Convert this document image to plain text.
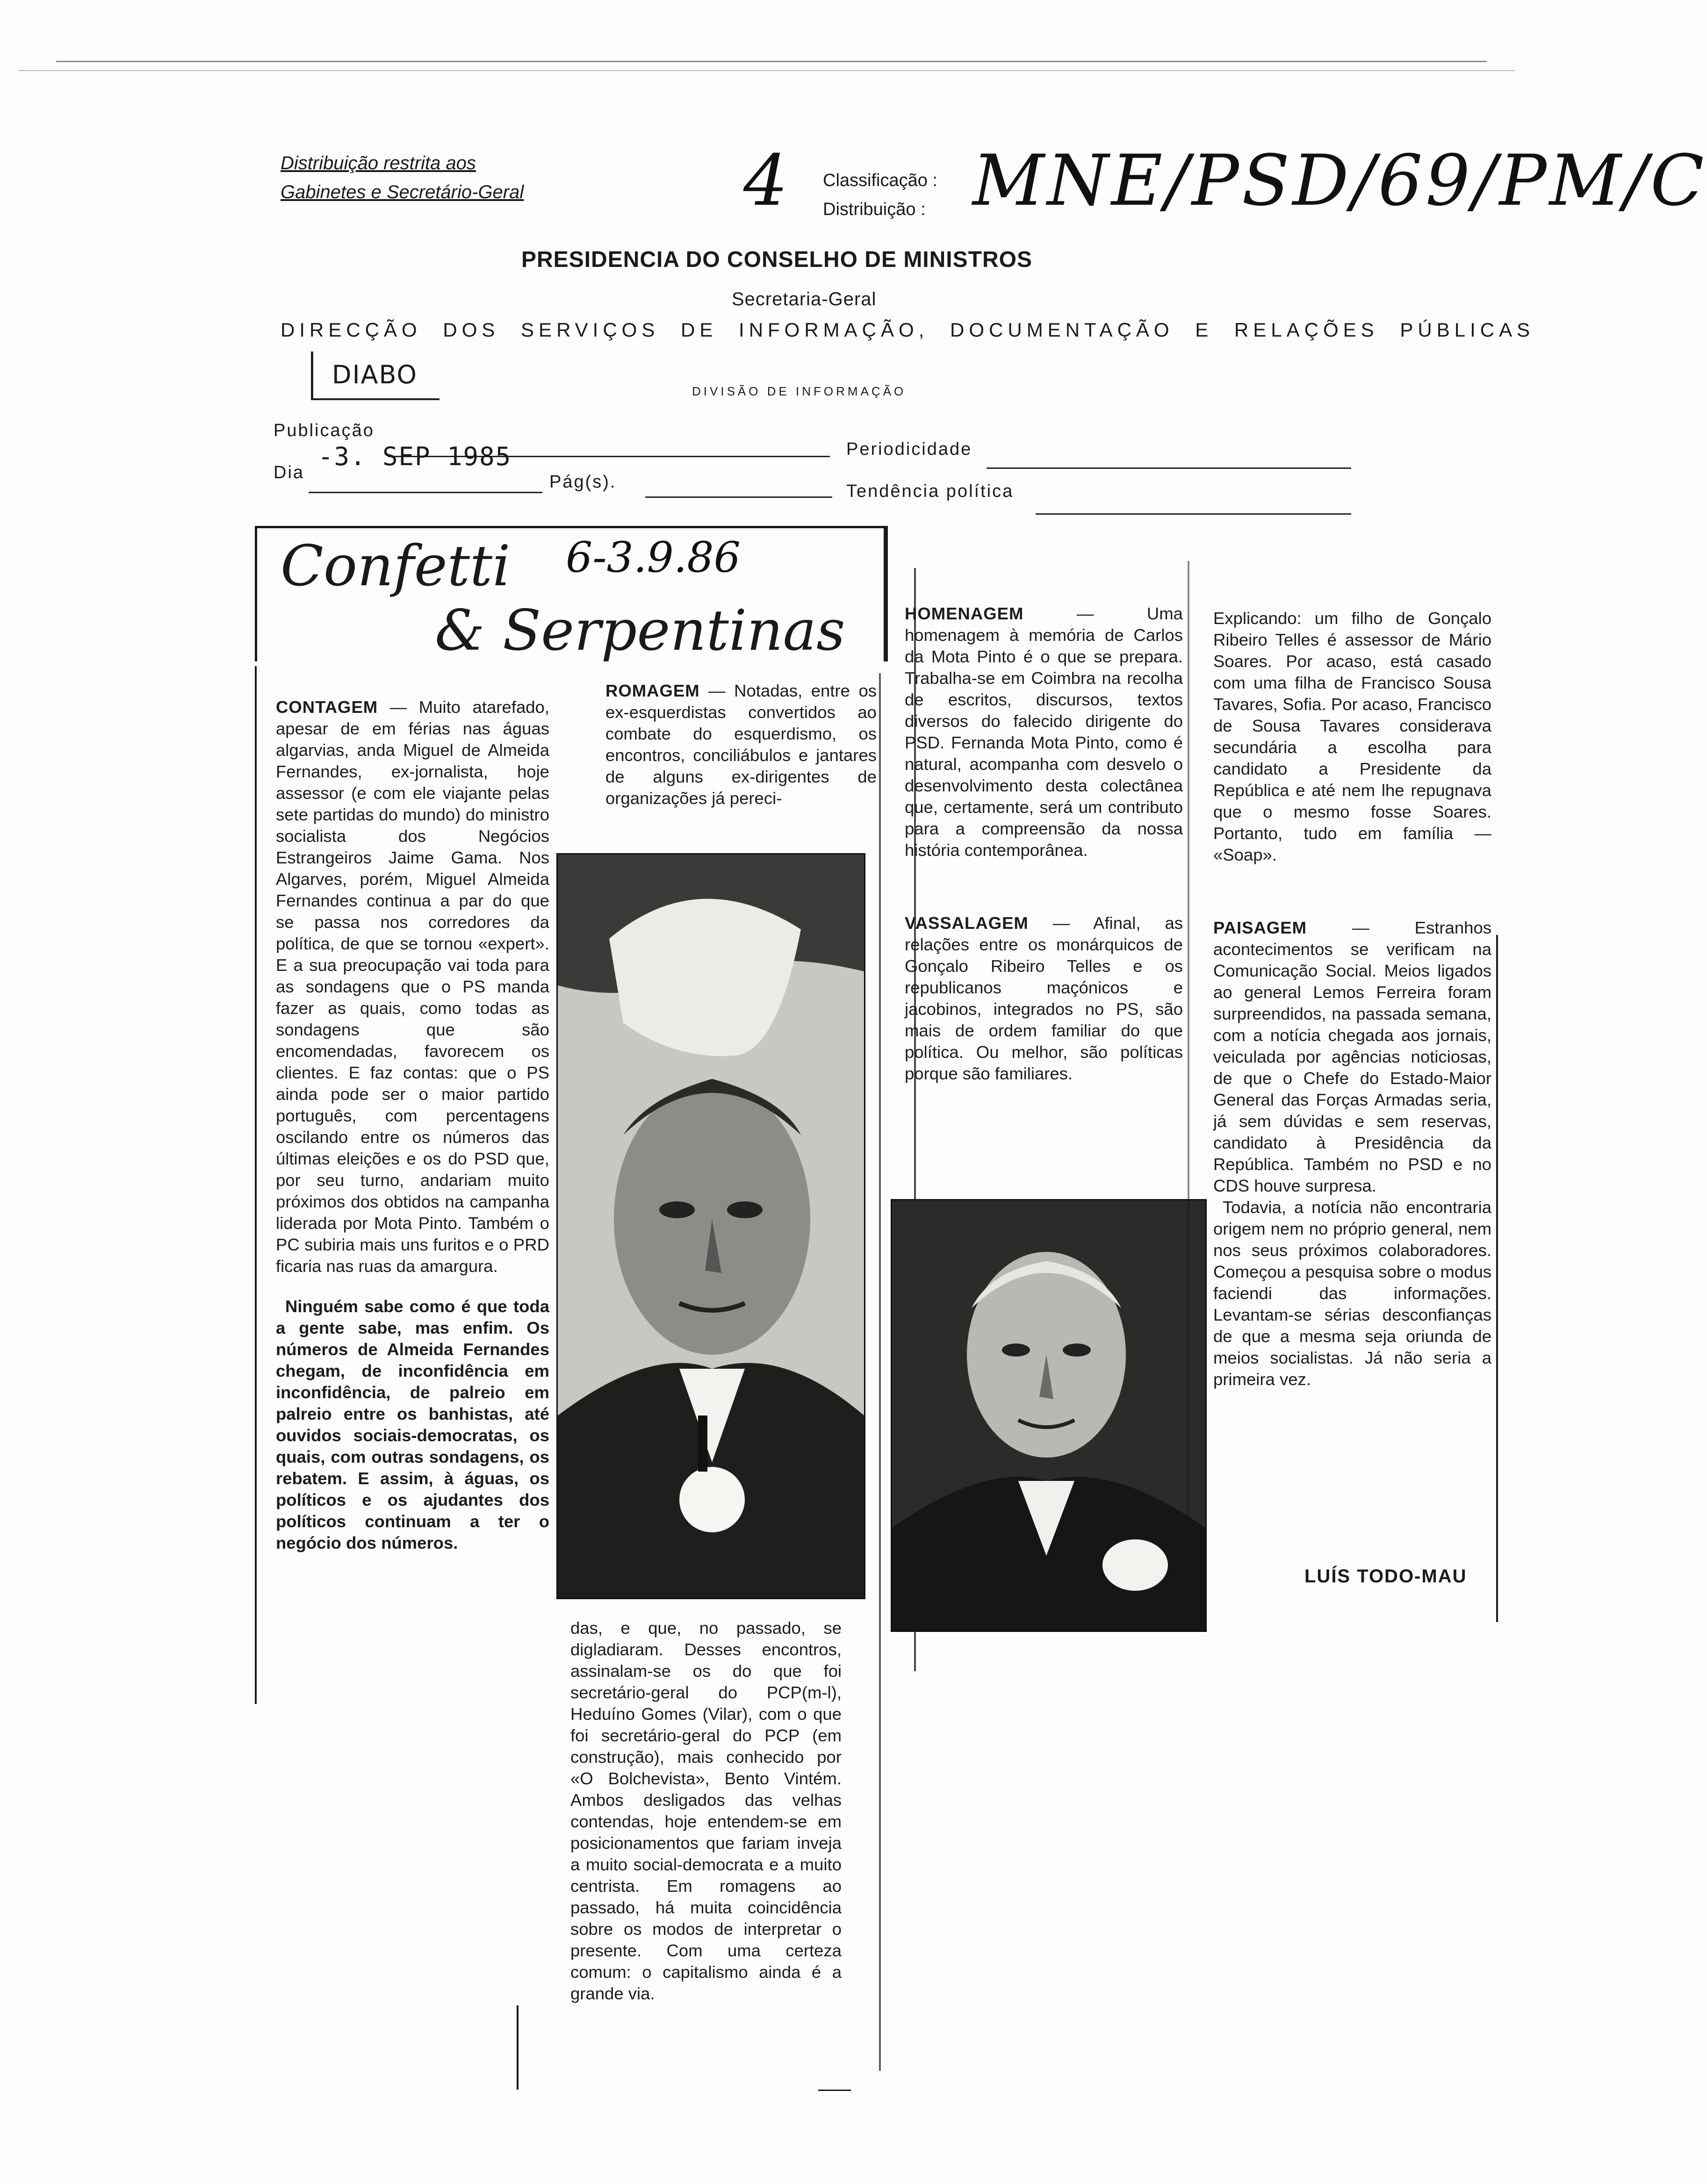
Distribuição restrita aos
Gabinetes e Secretário-Geral	4 Classificação :
Distribuição : MNE/PSD/69/PM/C
PRESIDENCIA DO CONSELHO DE MINISTROS
Secretaria-Geral
DIRECÇÃO DOS SERVIÇOS DE INFORMAÇÃO, DOCUMENTAÇÃO E RELAÇÕES PÚBLICAS
DIABO
DIVISÃO DE INFORMAÇÃO
Publicação
Periodicidade
Dia
-3. SEP 1985
Pág(s).	Tendência política
Confetti
& Serpentinas
6-3.9.86

CONTAGEM — Muito atarefado, apesar de em férias nas águas algarvias, anda Miguel de Almeida Fernandes, ex-jornalista, hoje assessor (e com ele viajante pelas sete partidas do mundo) do ministro socialista dos Negócios Estrangeiros Jaime Gama. Nos Algarves, porém, Miguel Almeida Fernandes continua a par do que se passa nos corredores da política, de que se tornou «expert». E a sua preocupação vai toda para as sondagens que o PS manda fazer as quais, como todas as sondagens que são encomendadas, favorecem os clientes. E faz contas: que o PS ainda pode ser o maior partido português, com percentagens oscilando entre os números das últimas eleições e os do PSD que, por seu turno, andariam muito próximos dos obtidos na campanha liderada por Mota Pinto. Também o PC subiria mais uns furitos e o PRD ficaria nas ruas da amargura.

Ninguém sabe como é que toda a gente sabe, mas enfim. Os números de Almeida Fernandes chegam, de inconfidência em inconfidência, de palreio em palreio entre os banhistas, até ouvidos sociais-democratas, os quais, com outras sondagens, os rebatem. E assim, à águas, os políticos e os ajudantes dos políticos continuam a ter o negócio dos números.

ROMAGEM — Notadas, entre os ex-esquerdistas convertidos ao combate do esquerdismo, os encontros, conciliábulos e jantares de alguns ex-dirigentes de organizações já pereci-

das, e que, no passado, se digladiaram. Desses encontros, assinalam-se os do que foi secretário-geral do PCP(m-l), Heduíno Gomes (Vilar), com o que foi secretário-geral do PCP (em construção), mais conhecido por «O Bolchevista», Bento Vintém. Ambos desligados das velhas contendas, hoje entendem-se em posicionamentos que fariam inveja a muito social-democrata e a muito centrista. Em romagens ao passado, há muita coincidência sobre os modos de interpretar o presente. Com uma certeza comum: o capitalismo ainda é a grande via.

HOMENAGEM — Uma homenagem à memória de Carlos da Mota Pinto é o que se prepara. Trabalha-se em Coimbra na recolha de escritos, discursos, textos diversos do falecido dirigente do PSD. Fernanda Mota Pinto, como é natural, acompanha com desvelo o desenvolvimento desta colectânea que, certamente, será um contributo para a compreensão da nossa história contemporânea.

VASSALAGEM — Afinal, as relações entre os monárquicos de Gonçalo Ribeiro Telles e os republicanos maçónicos e jacobinos, integrados no PS, são mais de ordem familiar do que política. Ou melhor, são políticas porque são familiares.

Explicando: um filho de Gonçalo Ribeiro Telles é assessor de Mário Soares. Por acaso, está casado com uma filha de Francisco Sousa Tavares, Sofia. Por acaso, Francisco de Sousa Tavares considerava secundária a escolha para candidato a Presidente da República e até nem lhe repugnava que o mesmo fosse Soares. Portanto, tudo em família — «Soap».

PAISAGEM — Estranhos acontecimentos se verificam na Comunicação Social. Meios ligados ao general Lemos Ferreira foram surpreendidos, na passada semana, com a notícia chegada aos jornais, veiculada por agências noticiosas, de que o Chefe do Estado-Maior General das Forças Armadas seria, já sem dúvidas e sem reservas, candidato à Presidência da República. Também no PSD e no CDS houve surpresa.

Todavia, a notícia não encontraria origem nem no próprio general, nem nos seus próximos colaboradores. Começou a pesquisa sobre o modus faciendi das informações. Levantam-se sérias desconfianças de que a mesma seja oriunda de meios socialistas. Já não seria a primeira vez.

LUÍS TODO-MAU
